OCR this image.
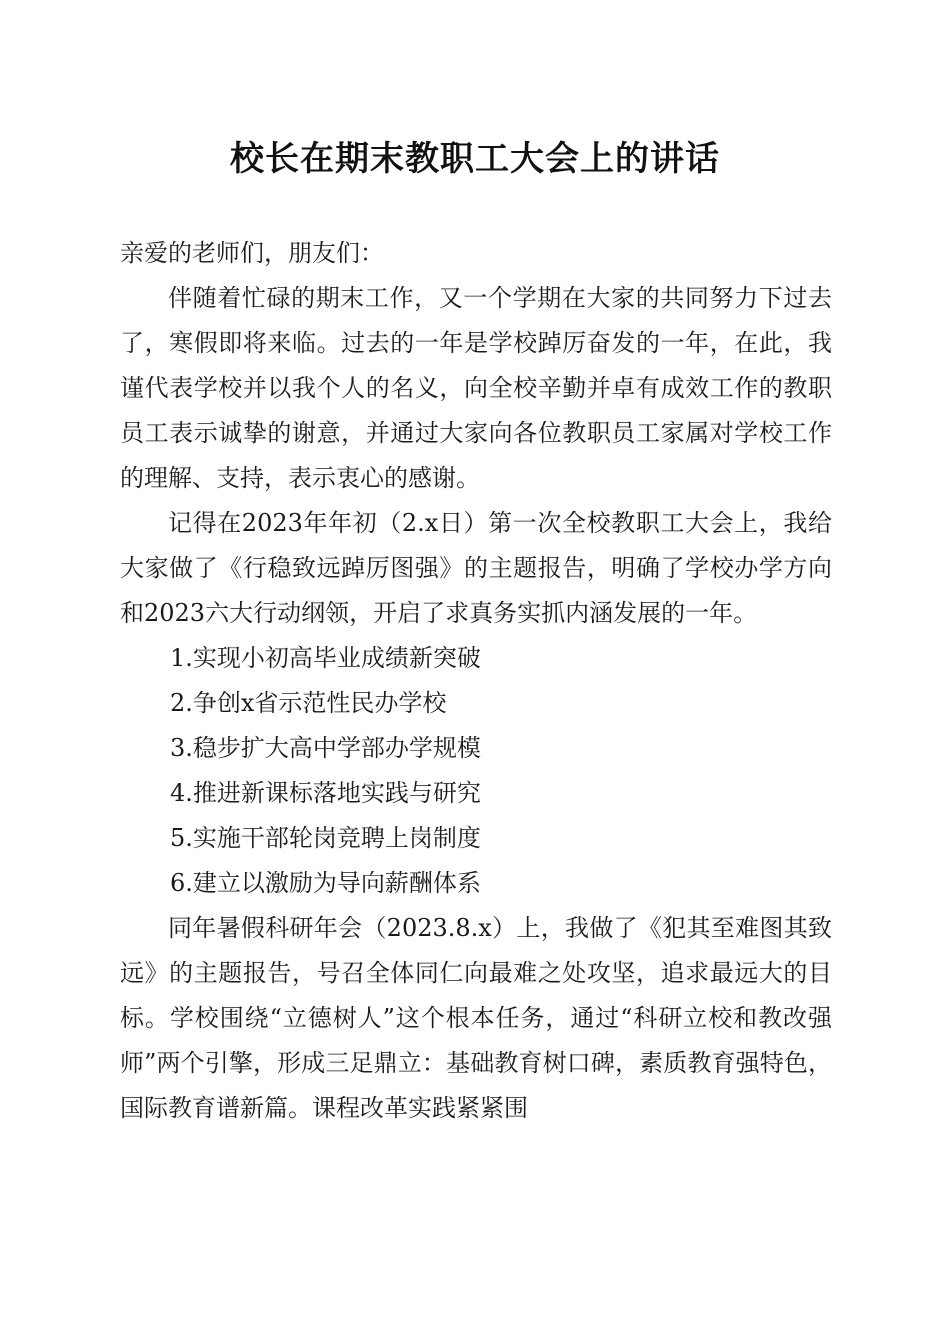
校长在期末教职工大会上的讲话

亲爱的老师们，朋友们：

伴随着忙碌的期末工作，又一个学期在大家的共同努力下过去了，寒假即将来临。过去的一年是学校踔厉奋发的一年，在此，我谨代表学校并以我个人的名义，向全校辛勤并卓有成效工作的教职员工表示诚挚的谢意，并通过大家向各位教职员工家属对学校工作的理解、支持，表示衷心的感谢。

记得在2023年年初（2.x日）第一次全校教职工大会上，我给大家做了《行稳致远踔厉图强》的主题报告，明确了学校办学方向和2023六大行动纲领，开启了求真务实抓内涵发展的一年。

1.实现小初高毕业成绩新突破

2.争创x省示范性民办学校

3.稳步扩大高中学部办学规模

4.推进新课标落地实践与研究

5.实施干部轮岗竞聘上岗制度

6.建立以激励为导向薪酬体系

同年暑假科研年会（2023.8.x）上，我做了《犯其至难图其致远》的主题报告，号召全体同仁向最难之处攻坚，追求最远大的目标。学校围绕“立德树人”这个根本任务，通过“科研立校和教改强师”两个引擎，形成三足鼎立：基础教育树口碑，素质教育强特色，国际教育谱新篇。课程改革实践紧紧围
